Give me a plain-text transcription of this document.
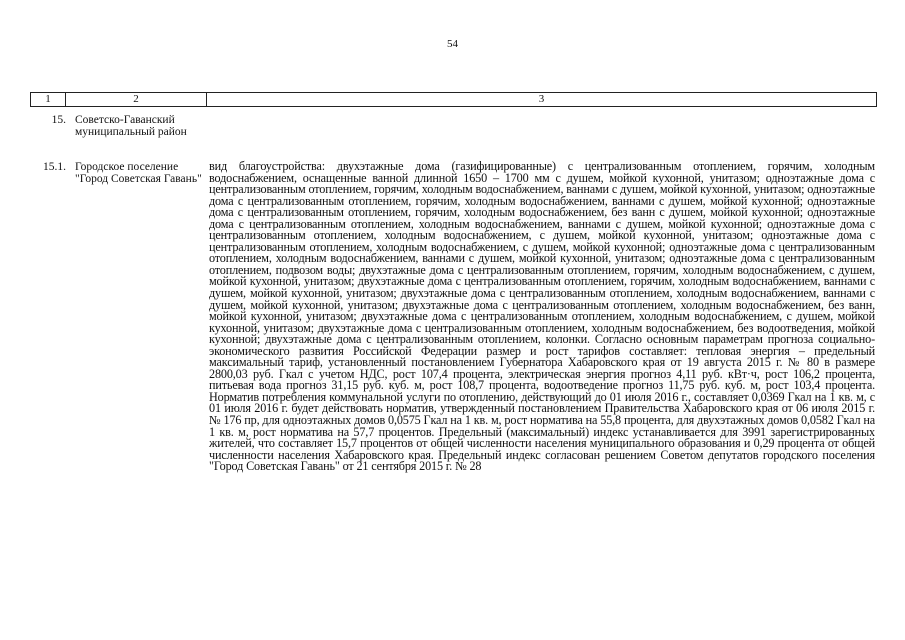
54
1	2	3
15. Советско-Гаванский муниципальный район
15.1. Городское поселение "Город Советская Гавань"
вид благоустройства: двухэтажные дома (газифицированные) с централизованным отоплением, горячим, холодным водоснабжением, оснащенные ванной длинной 1650 – 1700 мм с душем, мойкой кухонной, унитазом; одноэтажные дома с централизованным отоплением, горячим, холодным водоснабжением, ваннами с душем, мойкой кухонной, унитазом; одноэтажные дома с централизованным отоплением, горячим, холодным водоснабжением, ваннами с душем, мойкой кухонной; одноэтажные дома с централизованным отоплением, горячим, холодным водоснабжением, без ванн с душем, мойкой кухонной; одноэтажные дома с централизованным отоплением, холодным водоснабжением, ваннами с душем, мойкой кухонной; одноэтажные дома с централизованным отоплением, холодным водоснабжением, с душем, мойкой кухонной, унитазом; одноэтажные дома с централизованным отоплением, холодным водоснабжением, с душем, мойкой кухонной; одноэтажные дома с централизованным отоплением, холодным водоснабжением, ваннами с душем, мойкой кухонной, унитазом; одноэтажные дома с централизованным отоплением, подвозом воды; двухэтажные дома с централизованным отоплением, горячим, холодным водоснабжением, с душем, мойкой кухонной, унитазом; двухэтажные дома с централизованным отоплением, горячим, холодным водоснабжением, ваннами с душем, мойкой кухонной, унитазом; двухэтажные дома с централизованным отоплением, холодным водоснабжением, ваннами с душем, мойкой кухонной, унитазом; двухэтажные дома с централизованным отоплением, холодным водоснабжением, без ванн, мойкой кухонной, унитазом; двухэтажные дома с централизованным отоплением, холодным водоснабжением, с душем, мойкой кухонной, унитазом; двухэтажные дома с централизованным отоплением, холодным водоснабжением, без водоотведения, мойкой кухонной; двухэтажные дома с централизованным отоплением, колонки. Согласно основным параметрам прогноза социально-экономического развития Российской Федерации размер и рост тарифов составляет: тепловая энергия – предельный максимальный тариф, установленный постановлением Губернатора Хабаровского края от 19 августа 2015 г. № 80 в размере 2800,03 руб. Гкал с учетом НДС, рост 107,4 процента, электрическая энергия прогноз 4,11 руб. кВт·ч, рост 106,2 процента, питьевая вода прогноз 31,15 руб. куб. м, рост 108,7 процента, водоотведение прогноз 11,75 руб. куб. м, рост 103,4 процента. Норматив потребления коммунальной услуги по отоплению, действующий до 01 июля 2016 г., составляет 0,0369 Гкал на 1 кв. м, с 01 июля 2016 г. будет действовать норматив, утвержденный постановлением Правительства Хабаровского края от 06 июля 2015 г. № 176 пр, для одноэтажных домов 0,0575 Гкал на 1 кв. м, рост норматива на 55,8 процента, для двухэтажных домов 0,0582 Гкал на 1 кв. м, рост норматива на 57,7 процентов. Предельный (максимальный) индекс устанавливается для 3991 зарегистрированных жителей, что составляет 15,7 процентов от общей численности населения муниципального образования и 0,29 процента от общей численности населения Хабаровского края. Предельный индекс согласован решением Советом депутатов городского поселения "Город Советская Гавань" от 21 сентября 2015 г. № 28
